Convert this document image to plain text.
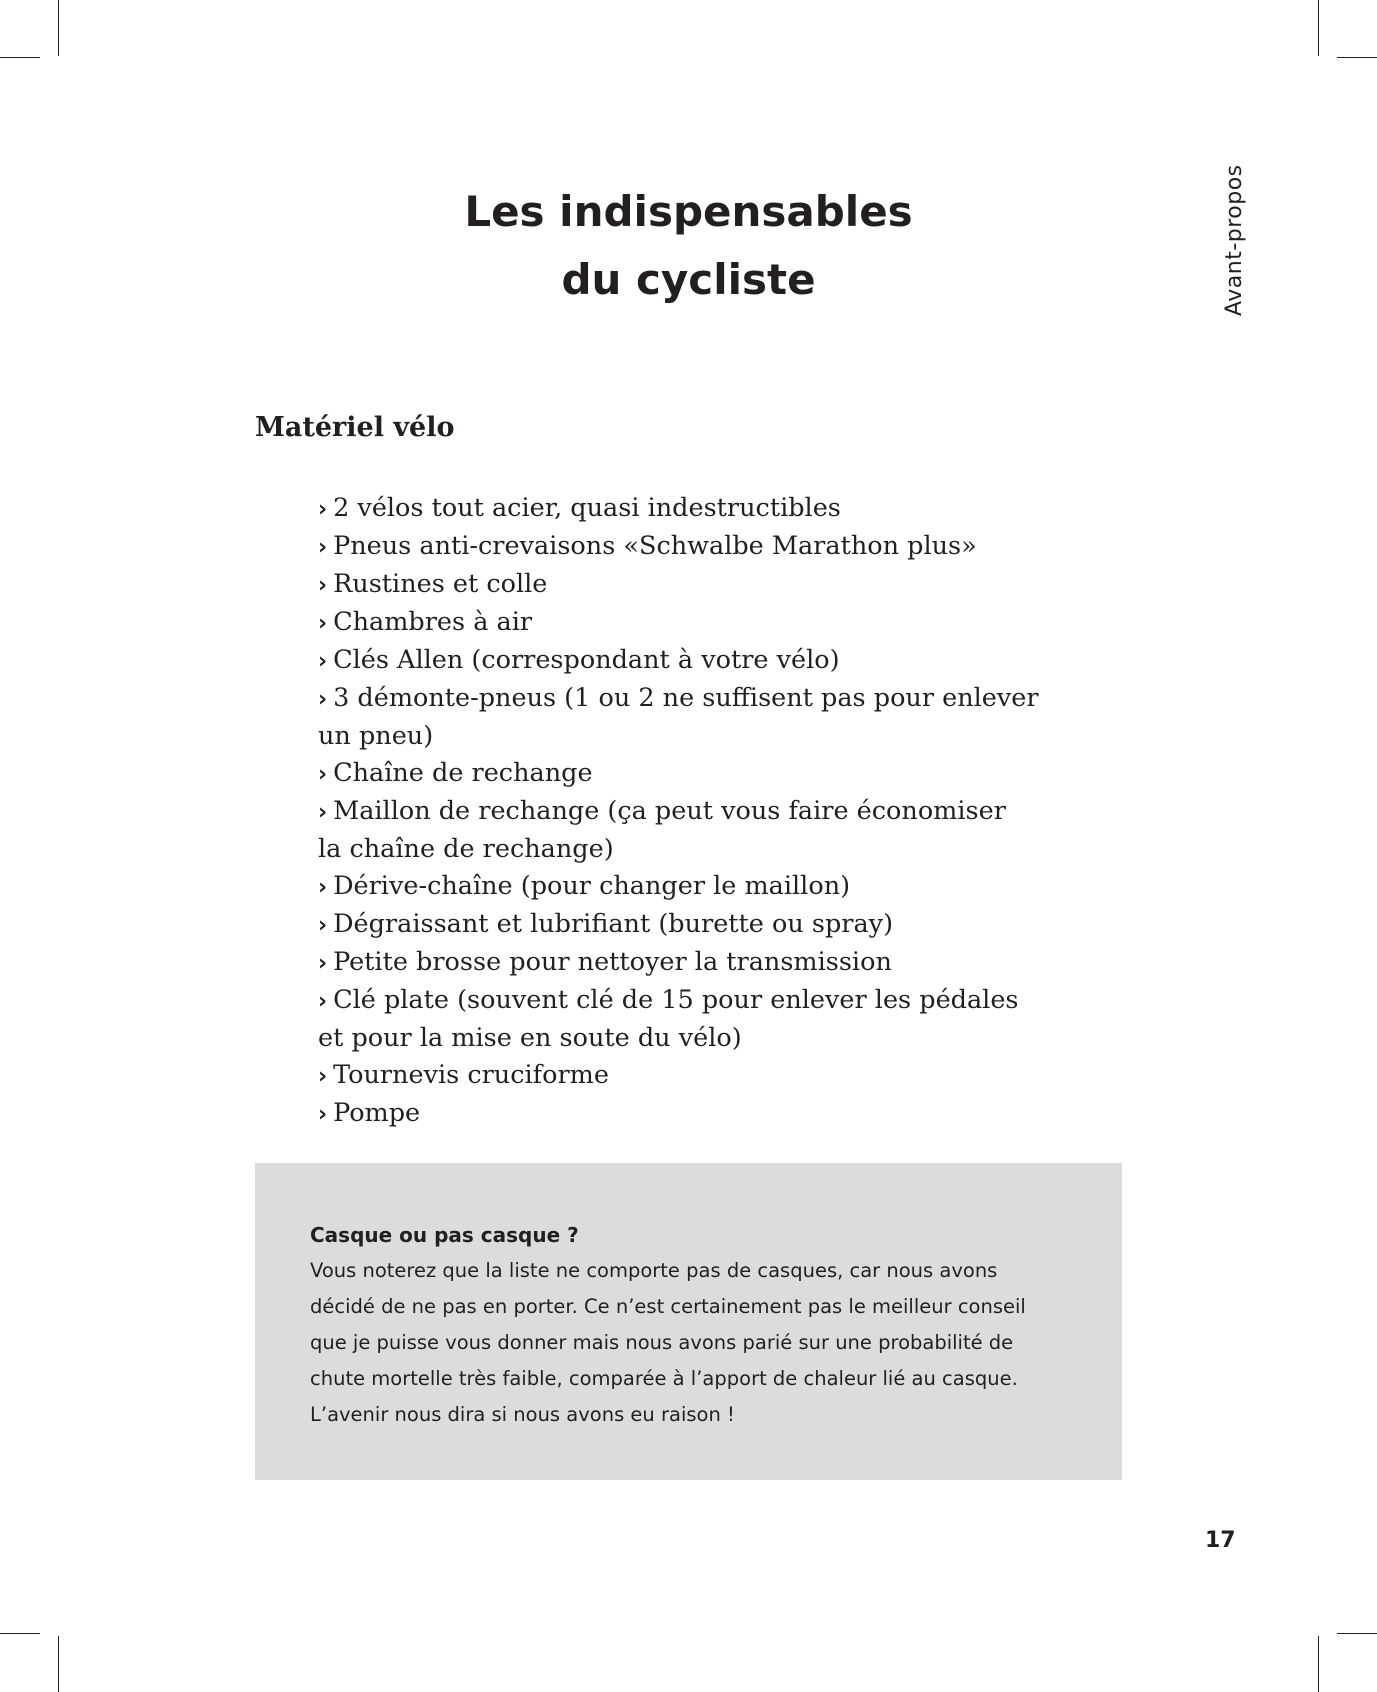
Avant-propos
Les indispensables
du cycliste
Matériel vélo
› 2 vélos tout acier, quasi indestructibles
› Pneus anti-crevaisons «Schwalbe Marathon plus»
› Rustines et colle
› Chambres à air
› Clés Allen (correspondant à votre vélo)
› 3 démonte-pneus (1 ou 2 ne suffisent pas pour enlever
un pneu)
› Chaîne de rechange
› Maillon de rechange (ça peut vous faire économiser
la chaîne de rechange)
› Dérive-chaîne (pour changer le maillon)
› Dégraissant et lubrifiant (burette ou spray)
› Petite brosse pour nettoyer la transmission
› Clé plate (souvent clé de 15 pour enlever les pédales
et pour la mise en soute du vélo)
› Tournevis cruciforme
› Pompe
Casque ou pas casque ?
Vous noterez que la liste ne comporte pas de casques, car nous avons
décidé de ne pas en porter. Ce n’est certainement pas le meilleur conseil
que je puisse vous donner mais nous avons parié sur une probabilité de
chute mortelle très faible, comparée à l’apport de chaleur lié au casque.
L’avenir nous dira si nous avons eu raison !
17
